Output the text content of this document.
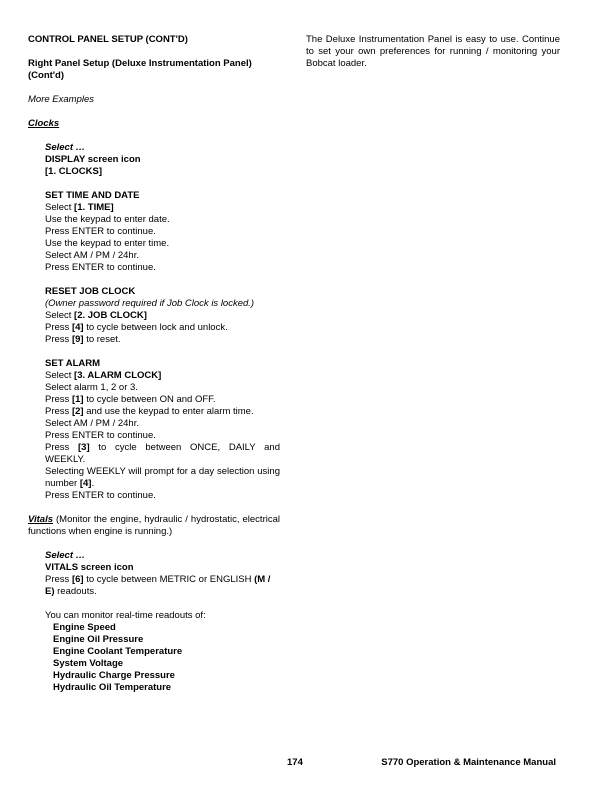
CONTROL PANEL SETUP (CONT'D)
Right Panel Setup (Deluxe Instrumentation Panel) (Cont'd)
More Examples
Clocks
Select …
DISPLAY screen icon
[1. CLOCKS]
SET TIME AND DATE
Select [1. TIME]
Use the keypad to enter date.
Press ENTER to continue.
Use the keypad to enter time.
Select AM / PM / 24hr.
Press ENTER to continue.
RESET JOB CLOCK
(Owner password required if Job Clock is locked.)
Select [2. JOB CLOCK]
Press [4] to cycle between lock and unlock.
Press [9] to reset.
SET ALARM
Select [3. ALARM CLOCK]
Select alarm 1, 2 or 3.
Press [1] to cycle between ON and OFF.
Press [2] and use the keypad to enter alarm time.
Select AM / PM / 24hr.
Press ENTER to continue.
Press [3] to cycle between ONCE, DAILY and WEEKLY.
Selecting WEEKLY will prompt for a day selection using number [4].
Press ENTER to continue.
Vitals (Monitor the engine, hydraulic / hydrostatic, electrical functions when engine is running.)
Select …
VITALS screen icon
Press [6] to cycle between METRIC or ENGLISH (M / E) readouts.
You can monitor real-time readouts of:
Engine Speed
Engine Oil Pressure
Engine Coolant Temperature
System Voltage
Hydraulic Charge Pressure
Hydraulic Oil Temperature
The Deluxe Instrumentation Panel is easy to use. Continue to set your own preferences for running / monitoring your Bobcat loader.
174	S770 Operation & Maintenance Manual
